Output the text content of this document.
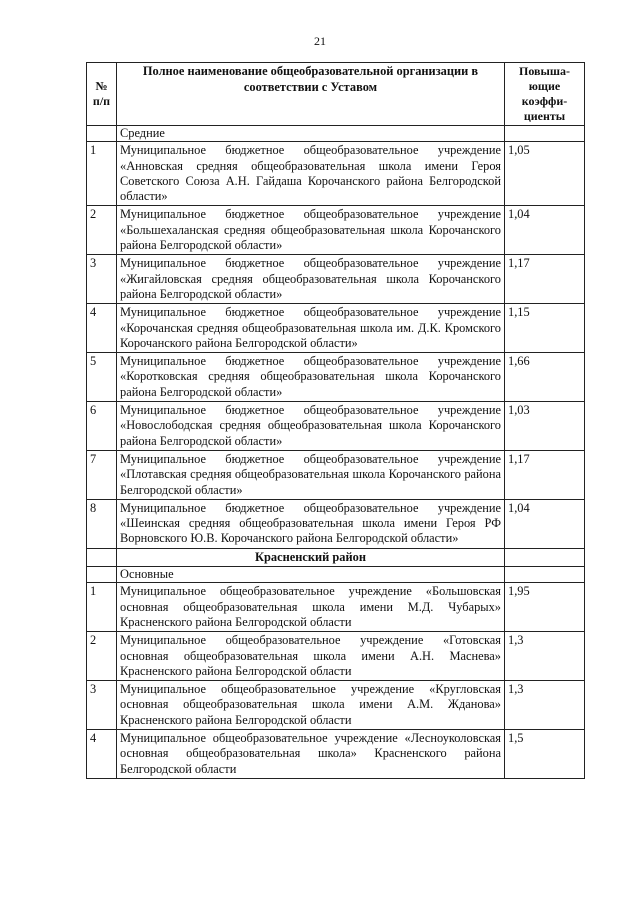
21
№ п/п	Полное наименование общеобразовательной организации в соответствии с Уставом	Повыша-ющие коэффи-циенты
	Средние	
1	Муниципальное бюджетное общеобразовательное учреждение «Анновская средняя общеобразовательная школа имени Героя Советского Союза А.Н. Гайдаша Корочанского района Белгородской области»	1,05
2	Муниципальное бюджетное общеобразовательное учреждение «Большехаланская средняя общеобразовательная школа Корочанского района Белгородской области»	1,04
3	Муниципальное бюджетное общеобразовательное учреждение «Жигайловская средняя общеобразовательная школа Корочанского района Белгородской области»	1,17
4	Муниципальное бюджетное общеобразовательное учреждение «Корочанская средняя общеобразовательная школа им. Д.К. Кромского Корочанского района Белгородской области»	1,15
5	Муниципальное бюджетное общеобразовательное учреждение «Коротковская средняя общеобразовательная школа Корочанского района Белгородской области»	1,66
6	Муниципальное бюджетное общеобразовательное учреждение «Новослободская средняя общеобразовательная школа Корочанского района Белгородской области»	1,03
7	Муниципальное бюджетное общеобразовательное учреждение «Плотавская средняя общеобразовательная школа Корочанского района Белгородской области»	1,17
8	Муниципальное бюджетное общеобразовательное учреждение «Шеинская средняя общеобразовательная школа имени Героя РФ Ворновского Ю.В. Корочанского района Белгородской области»	1,04
	Красненский район	
	Основные	
1	Муниципальное общеобразовательное учреждение «Большовская основная общеобразовательная школа имени М.Д. Чубарых» Красненского района Белгородской области	1,95
2	Муниципальное общеобразовательное учреждение «Готовская основная общеобразовательная школа имени А.Н. Маснева» Красненского района Белгородской области	1,3
3	Муниципальное общеобразовательное учреждение «Кругловская основная общеобразовательная школа имени А.М. Жданова» Красненского района Белгородской области	1,3
4	Муниципальное общеобразовательное учреждение «Лесноуколовская основная общеобразовательная школа» Красненского района Белгородской области	1,5
